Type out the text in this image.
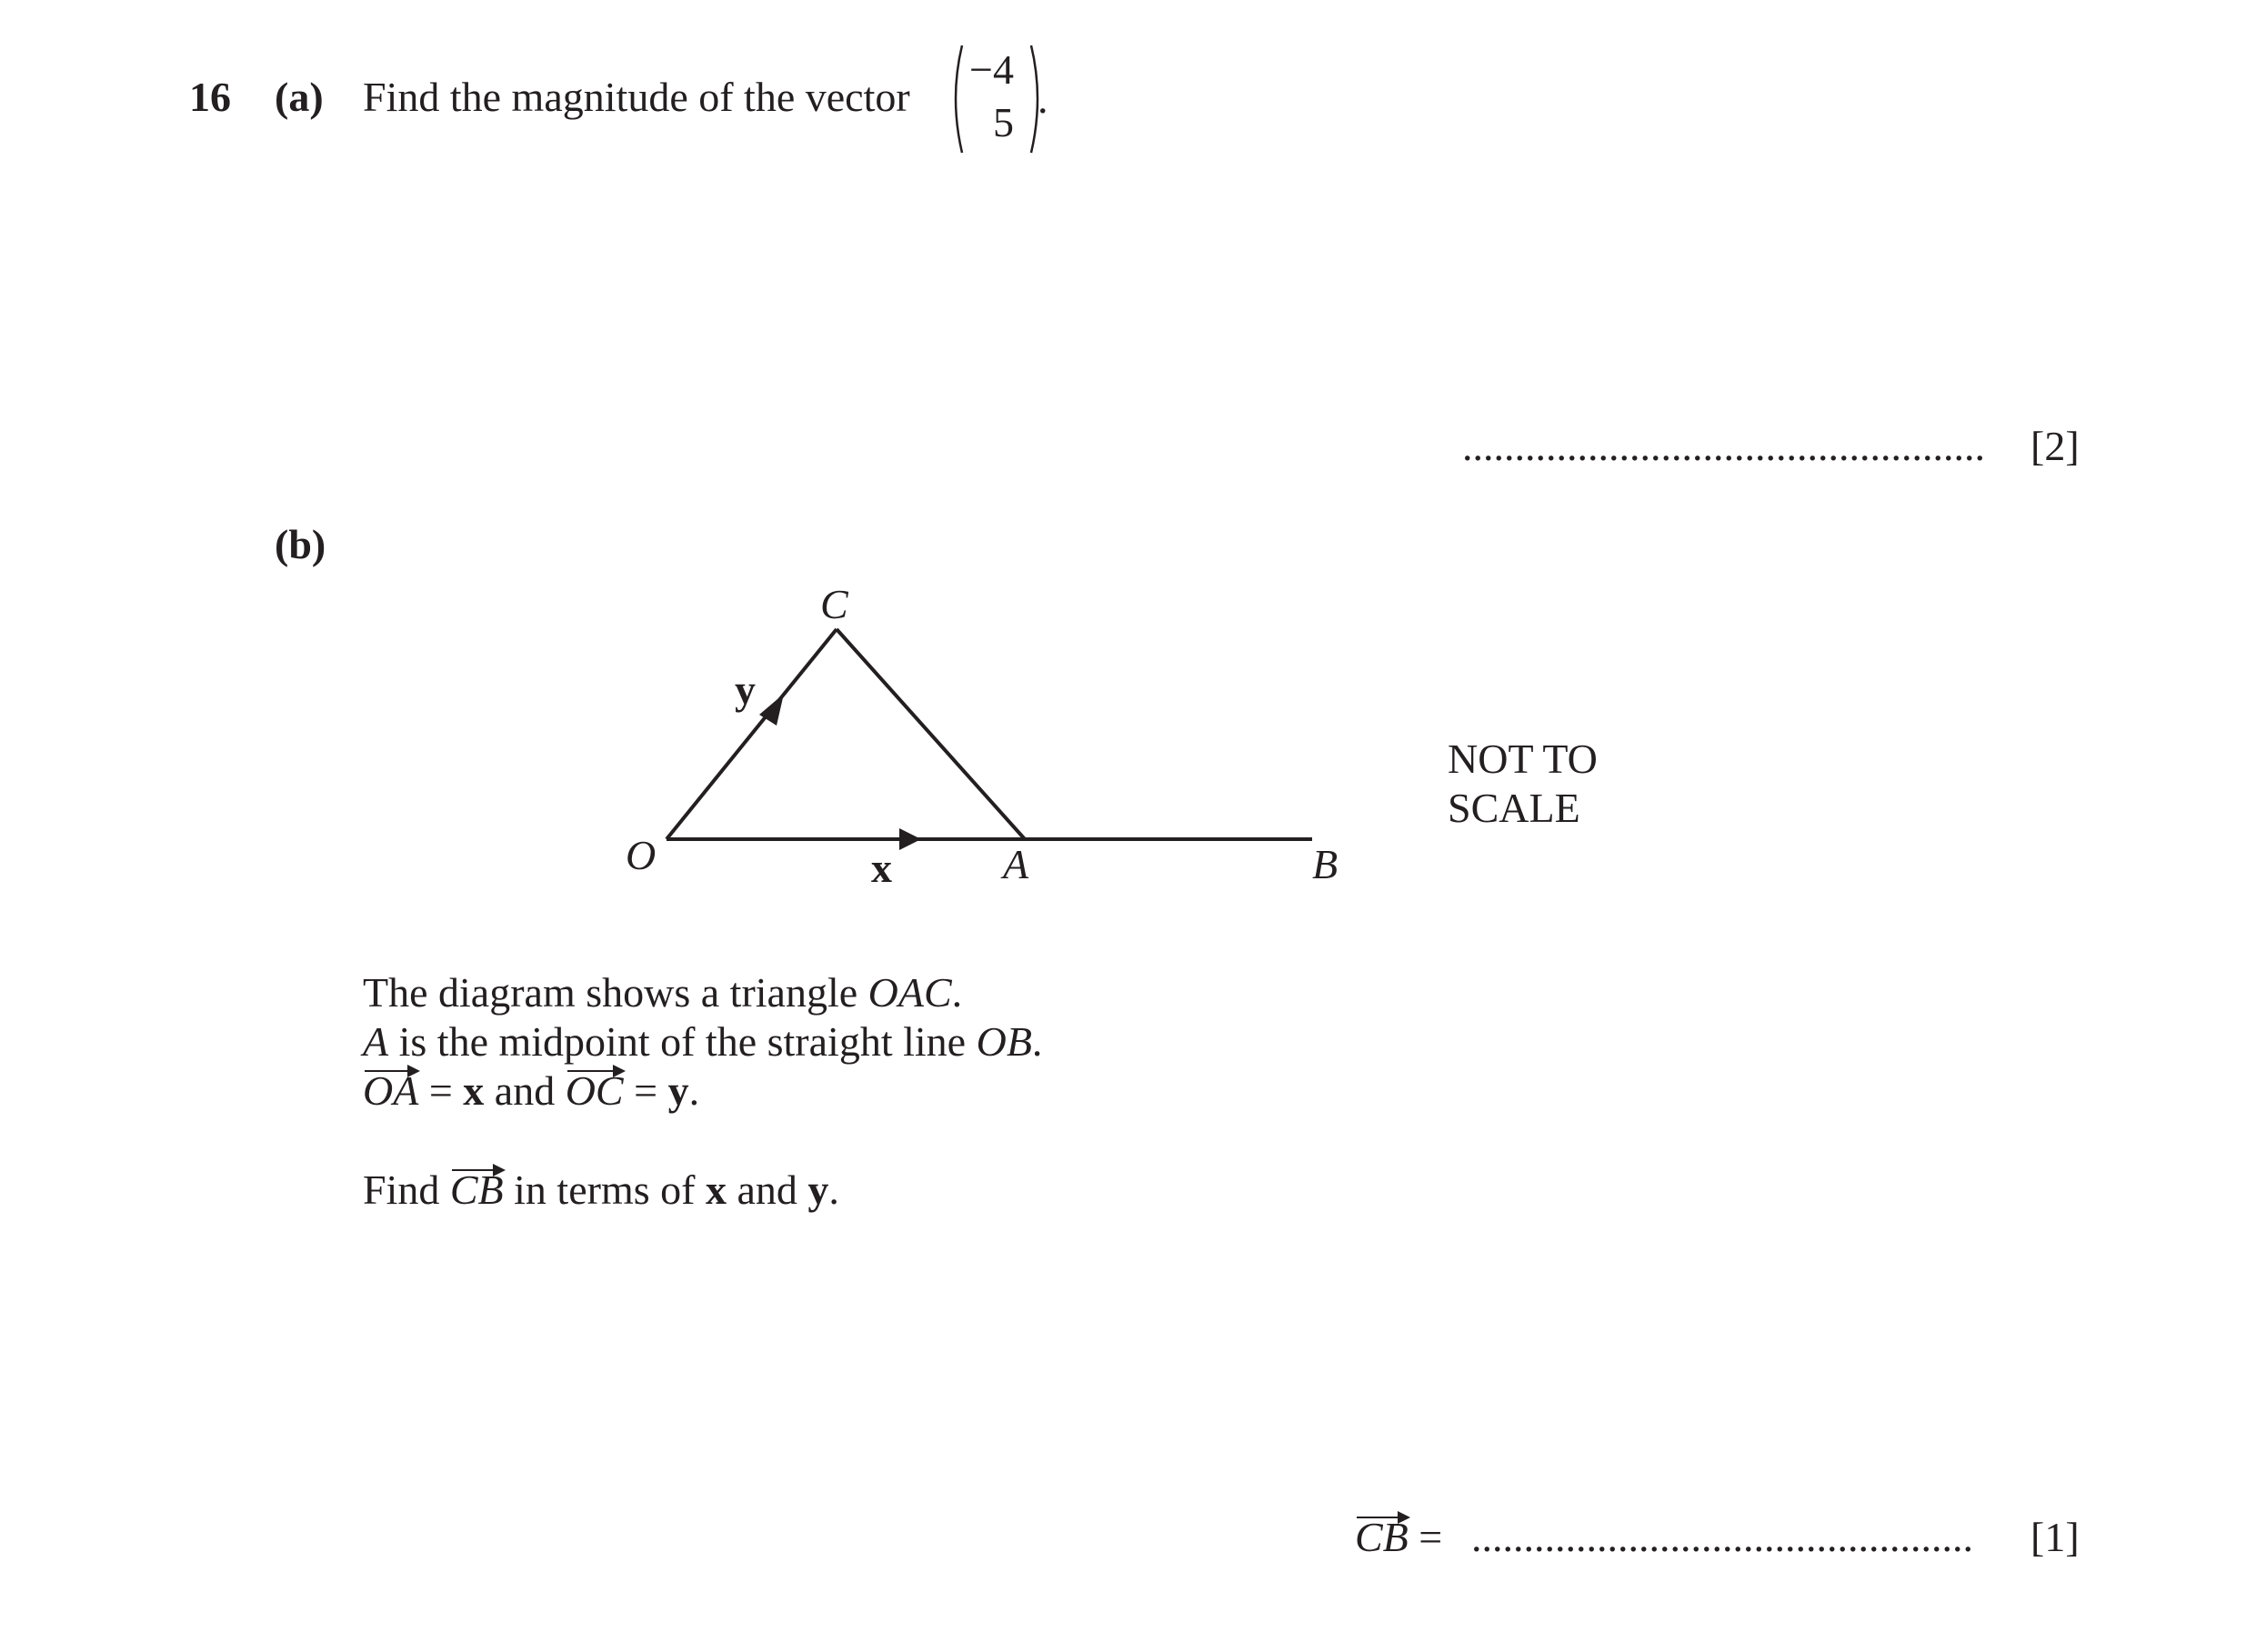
16 (a) Find the magnitude of the vector
−4
5
.
.................................................. [2]
(b)
C
O	A	B
x
y
NOT TO
SCALE
The diagram shows a triangle OAC.
A is the midpoint of the straight line OB.
OA = x and OC = y.
Find CB in terms of x and y.
CB = ................................................ [1]
